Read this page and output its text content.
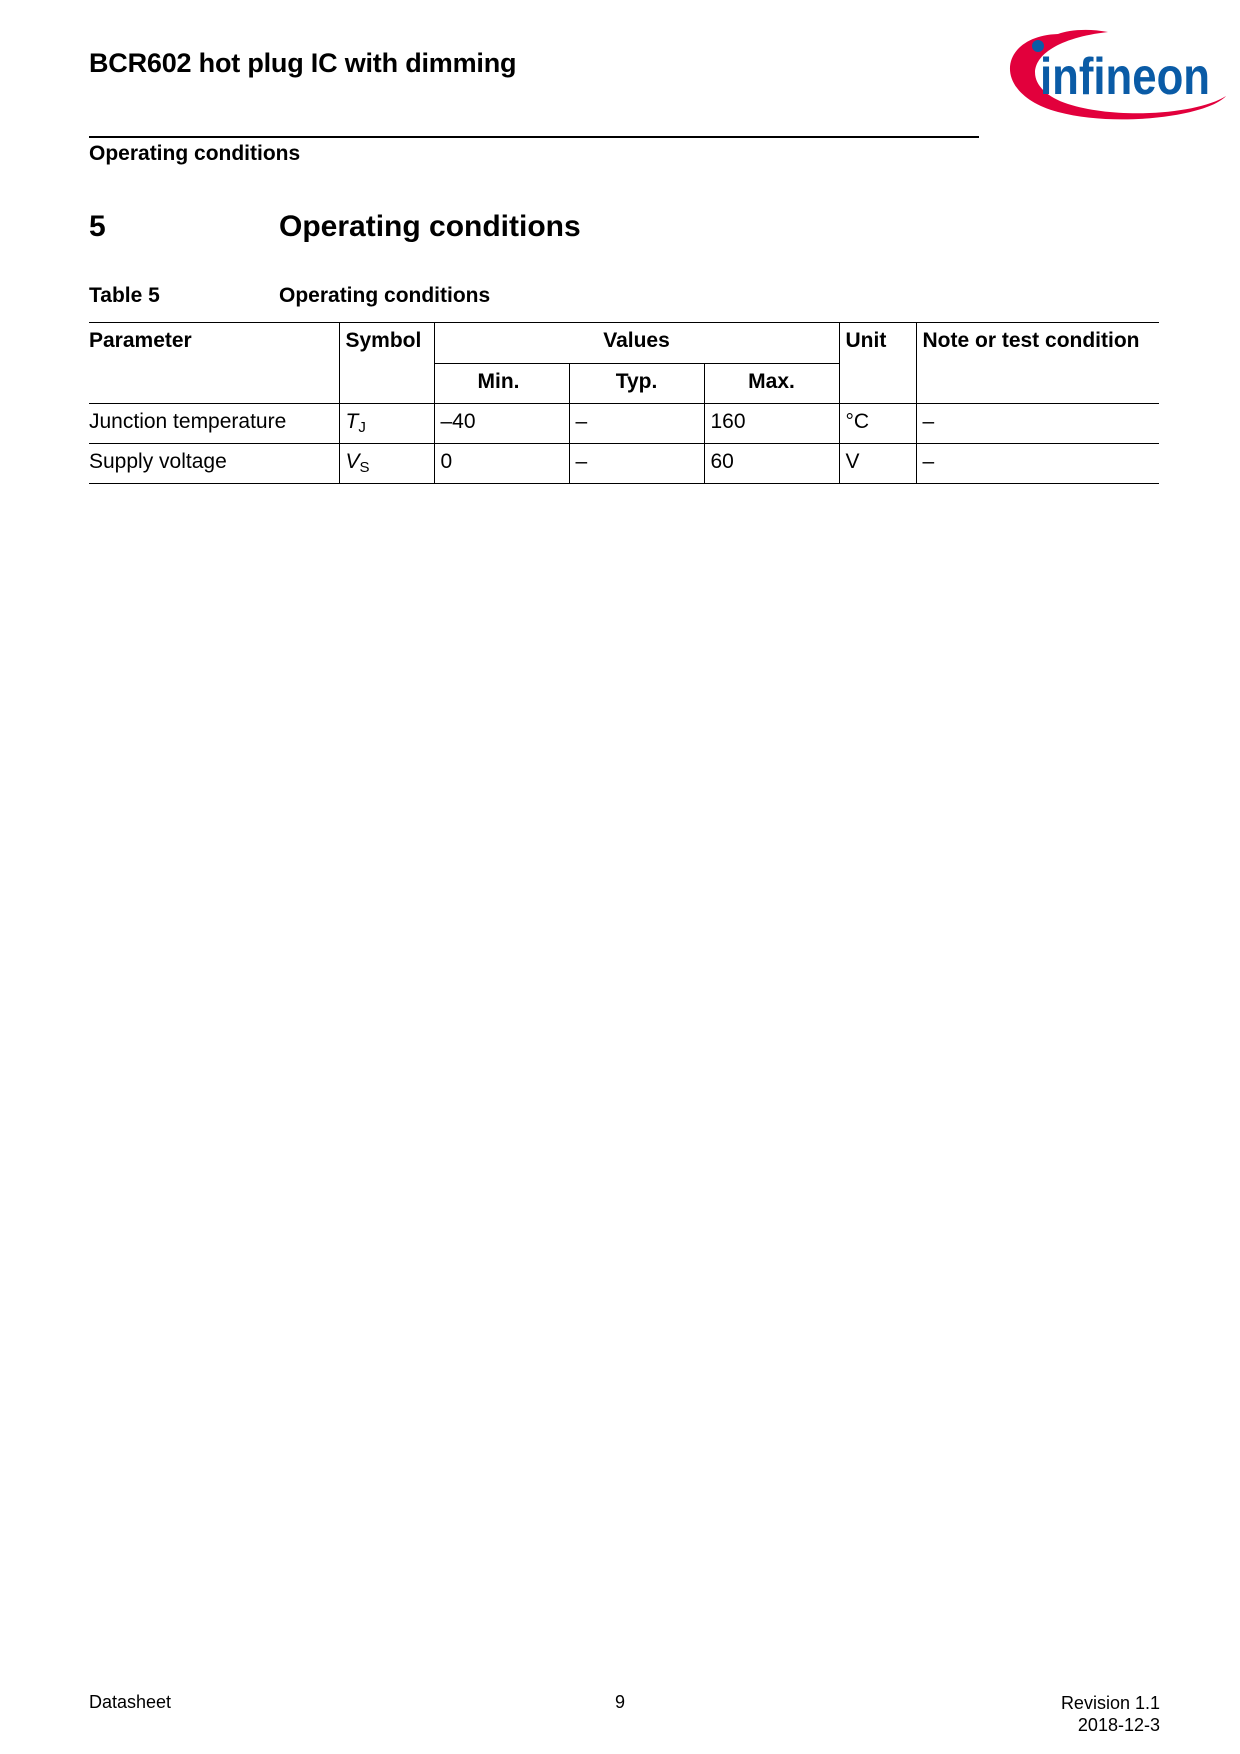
BCR602 hot plug IC with dimming	infineon
Operating conditions
5	Operating conditions
Table 5	Operating conditions
Parameter	Symbol	Values			Unit	Note or test condition
		Min.	Typ.	Max.		
Junction temperature	TJ	–40	–	160	°C	–
Supply voltage	VS	0	–	60	V	–
Datasheet	9	Revision 1.1
2018-12-3
